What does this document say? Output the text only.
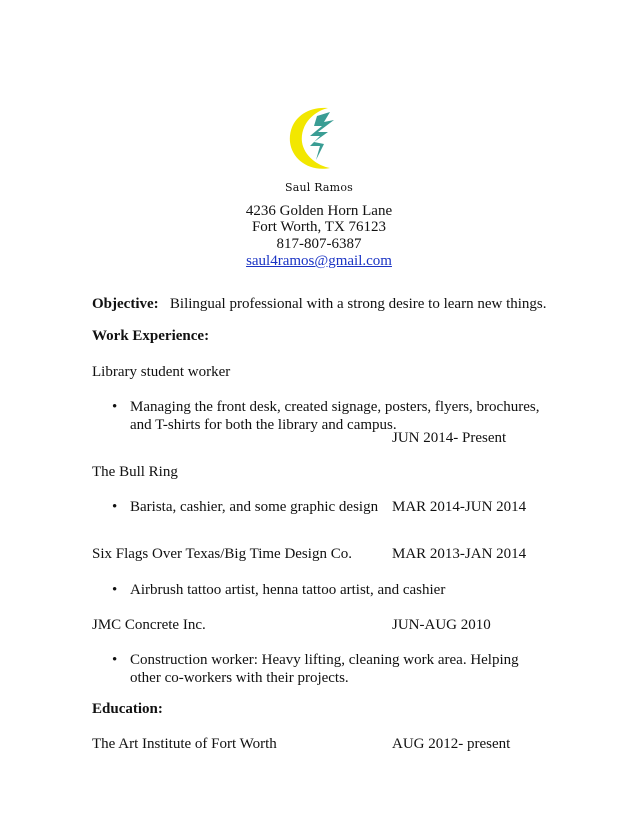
Saul Ramos
4236 Golden Horn Lane
Fort Worth, TX 76123
817-807-6387
saul4ramos@gmail.com
Objective: Bilingual professional with a strong desire to learn new things.
Work Experience:
Library student worker
• Managing the front desk, created signage, posters, flyers, brochures,
and T-shirts for both the library and campus.
JUN 2014- Present
The Bull Ring
• Barista, cashier, and some graphic design MAR 2014-JUN 2014
Six Flags Over Texas/Big Time Design Co.	MAR 2013-JAN 2014
• Airbrush tattoo artist, henna tattoo artist, and cashier
JMC Concrete Inc.	JUN-AUG 2010
• Construction worker: Heavy lifting, cleaning work area. Helping
other co-workers with their projects.
Education:
The Art Institute of Fort Worth	AUG 2012- present
